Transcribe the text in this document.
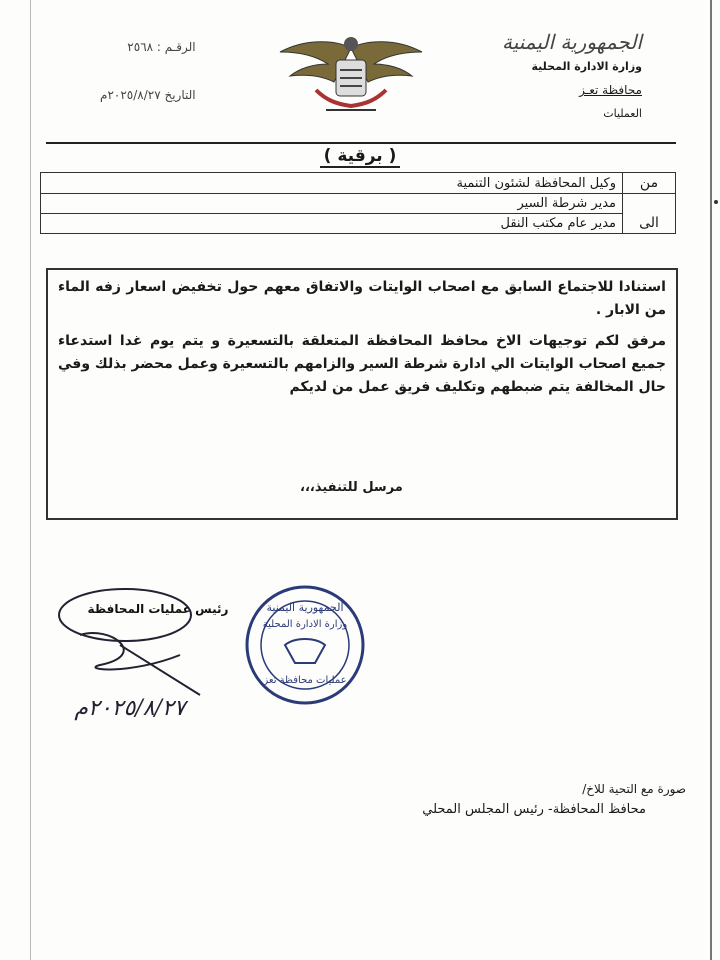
الجمهورية اليمنية
وزارة الادارة المحلية
محافظة تعـز
العمليات
الرقـم : ٢٥٦٨
التاريخ ٢٠٢٥/٨/٢٧م
( برقية )
من	وكيل المحافظة لشئون التنمية
الى	مدير شرطة السير
	مدير عام مكتب النقل

استنادا للاجتماع السابق مع اصحاب الوايتات والاتفاق معهم حول تخفيض اسعار زفه الماء من الابار .

مرفق لكم توجيهات الاخ محافظ المحافظة المتعلقة بالتسعيرة و يتم يوم غدا استدعاء جميع اصحاب الوايتات الي ادارة شرطة السير والزامهم بالتسعيرة وعمل محضر بذلك وفي حال المخالفة يتم ضبطهم وتكليف فريق عمل من لديكم

مرسل للتنفيذ،،،
رئيس عمليات المحافظة
٢٠٢٥/٨/٢٧م
الجمهورية اليمنية
وزارة الادارة المحلية
عمليات محافظة تعز
صورة مع التحية للاخ/
محافظ المحافظة- رئيس المجلس المحلي
